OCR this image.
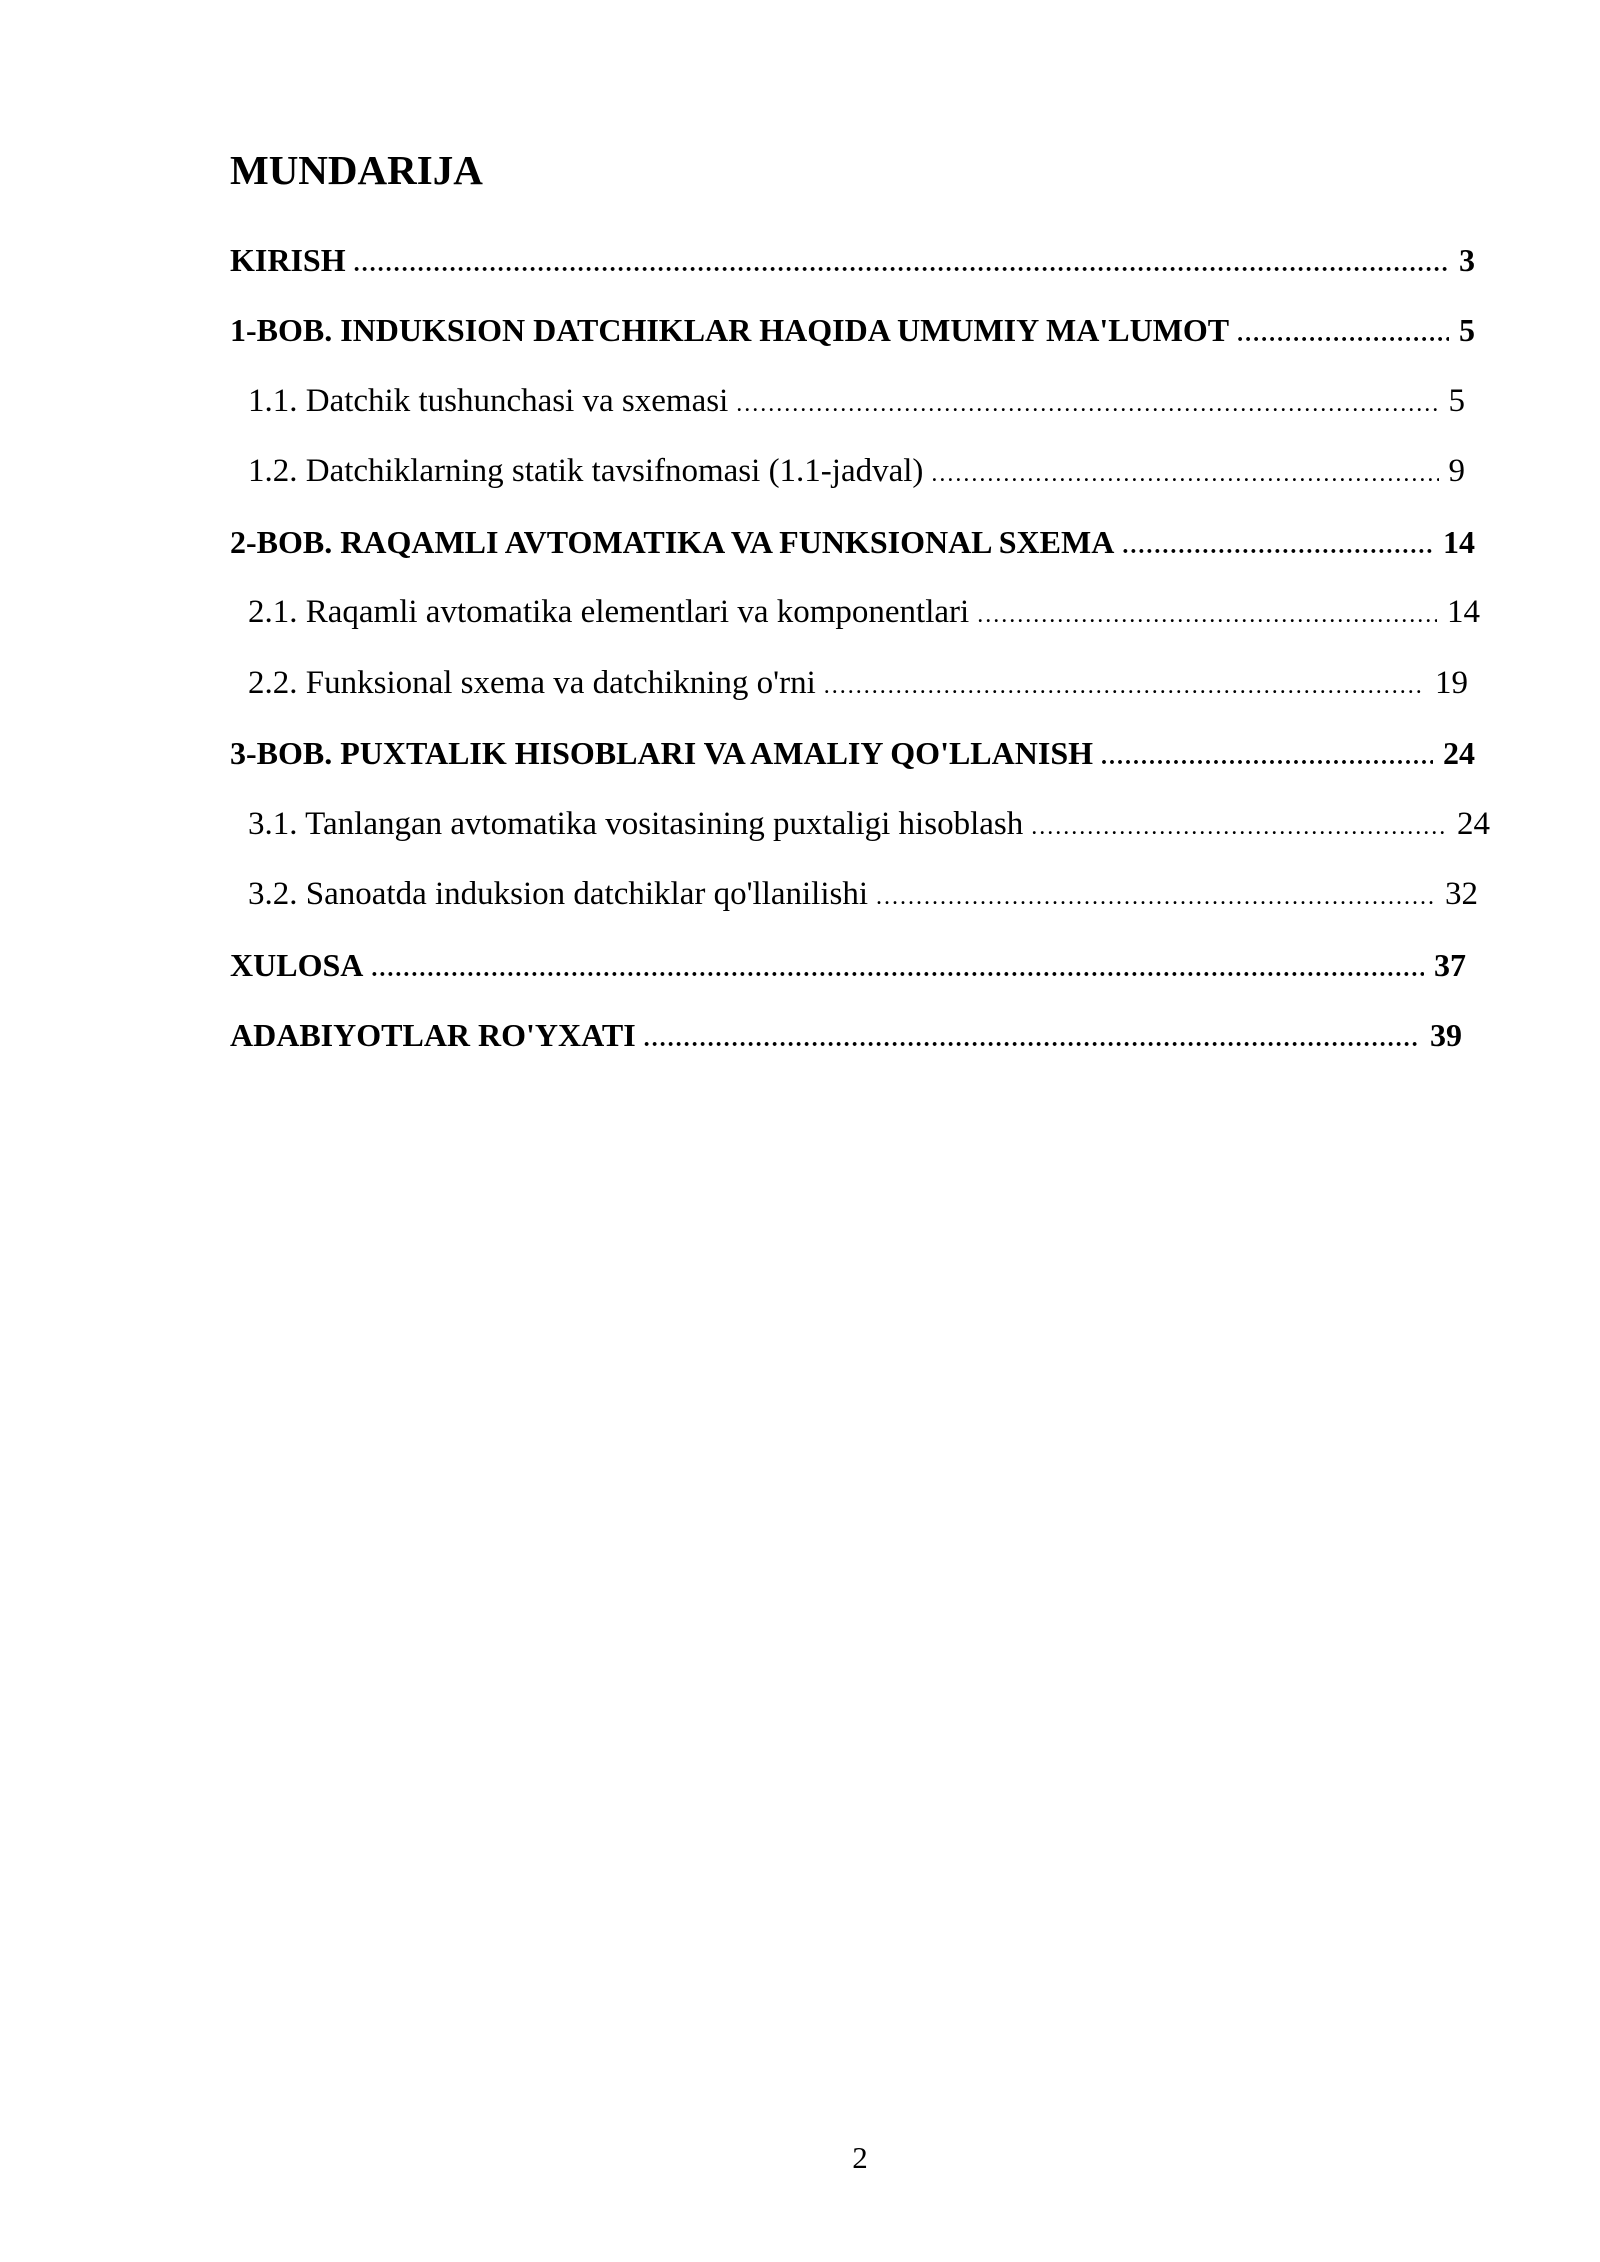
MUNDARIJA
KIRISH	3
1-BOB. INDUKSION DATCHIKLAR HAQIDA UMUMIY MA'LUMOT	5
1.1. Datchik tushunchasi va sxemasi	5
1.2. Datchiklarning statik tavsifnomasi (1.1-jadval)	9
2-BOB. RAQAMLI AVTOMATIKA VA FUNKSIONAL SXEMA	14
2.1. Raqamli avtomatika elementlari va komponentlari	14
2.2. Funksional sxema va datchikning o'rni	19
3-BOB. PUXTALIK HISOBLARI VA AMALIY QO'LLANISH	24
3.1. Tanlangan avtomatika vositasining puxtaligi hisoblash	24
3.2. Sanoatda induksion datchiklar qo'llanilishi	32
XULOSA	37
ADABIYOTLAR RO'YXATI	39
2
